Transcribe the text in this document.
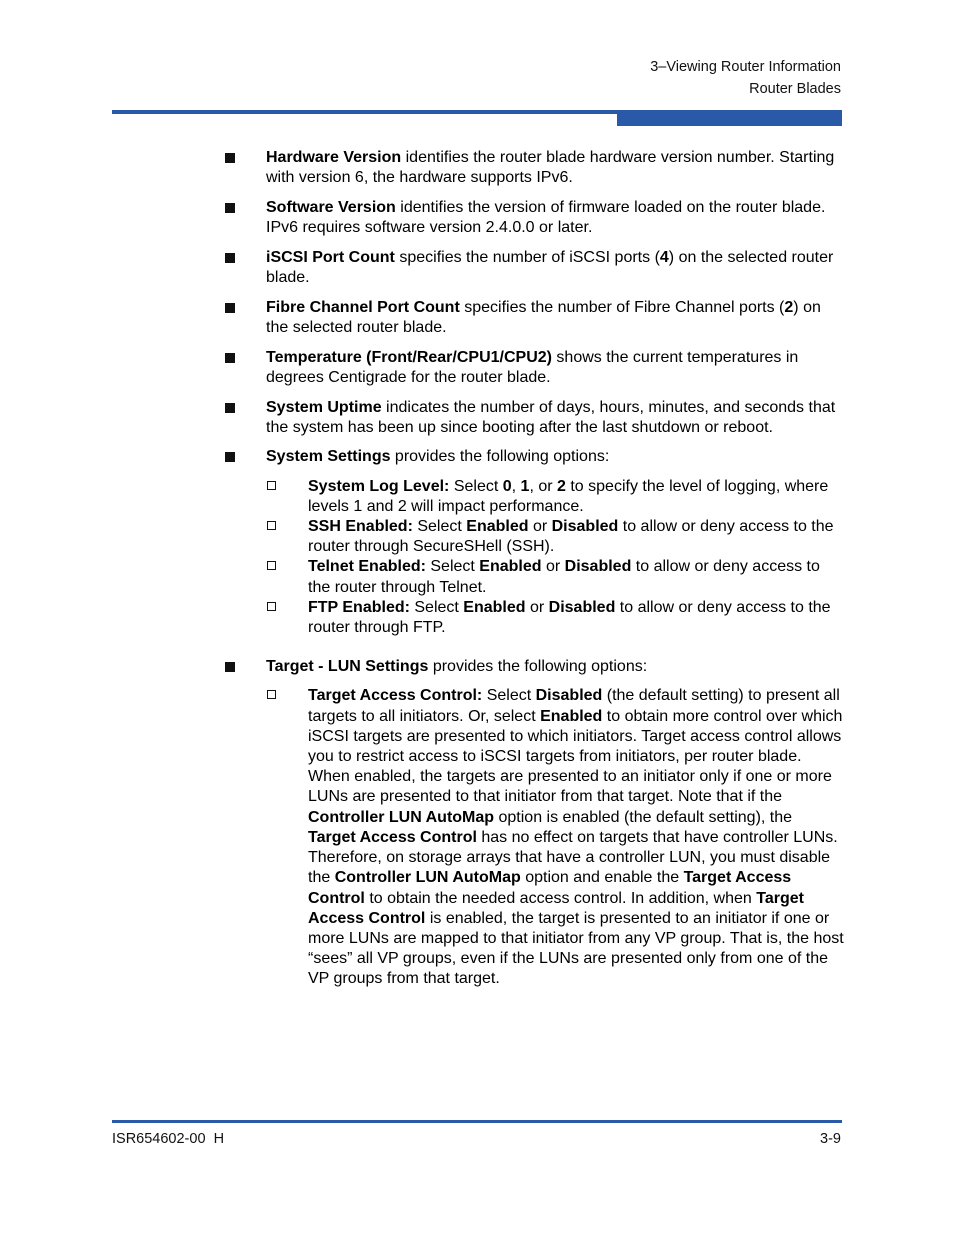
3–Viewing Router Information
Router Blades

Hardware Version identifies the router blade hardware version number. Starting with version 6, the hardware supports IPv6.

Software Version identifies the version of firmware loaded on the router blade. IPv6 requires software version 2.4.0.0 or later.

iSCSI Port Count specifies the number of iSCSI ports (4) on the selected router blade.

Fibre Channel Port Count specifies the number of Fibre Channel ports (2) on the selected router blade.

Temperature (Front/Rear/CPU1/CPU2) shows the current temperatures in degrees Centigrade for the router blade.

System Uptime indicates the number of days, hours, minutes, and seconds that the system has been up since booting after the last shutdown or reboot.

System Settings provides the following options:

System Log Level: Select 0, 1, or 2 to specify the level of logging, where levels 1 and 2 will impact performance.
SSH Enabled: Select Enabled or Disabled to allow or deny access to the router through SecureSHell (SSH).
Telnet Enabled: Select Enabled or Disabled to allow or deny access to the router through Telnet.
FTP Enabled: Select Enabled or Disabled to allow or deny access to the router through FTP.

Target - LUN Settings provides the following options:

Target Access Control: Select Disabled (the default setting) to present all targets to all initiators. Or, select Enabled to obtain more control over which iSCSI targets are presented to which initiators. Target access control allows you to restrict access to iSCSI targets from initiators, per router blade. When enabled, the targets are presented to an initiator only if one or more LUNs are presented to that initiator from that target. Note that if the Controller LUN AutoMap option is enabled (the default setting), the Target Access Control has no effect on targets that have controller LUNs. Therefore, on storage arrays that have a controller LUN, you must disable the Controller LUN AutoMap option and enable the Target Access Control to obtain the needed access control. In addition, when Target Access Control is enabled, the target is presented to an initiator if one or more LUNs are mapped to that initiator from any VP group. That is, the host “sees” all VP groups, even if the LUNs are presented only from one of the VP groups from that target.
ISR654602-00  H	3-9
